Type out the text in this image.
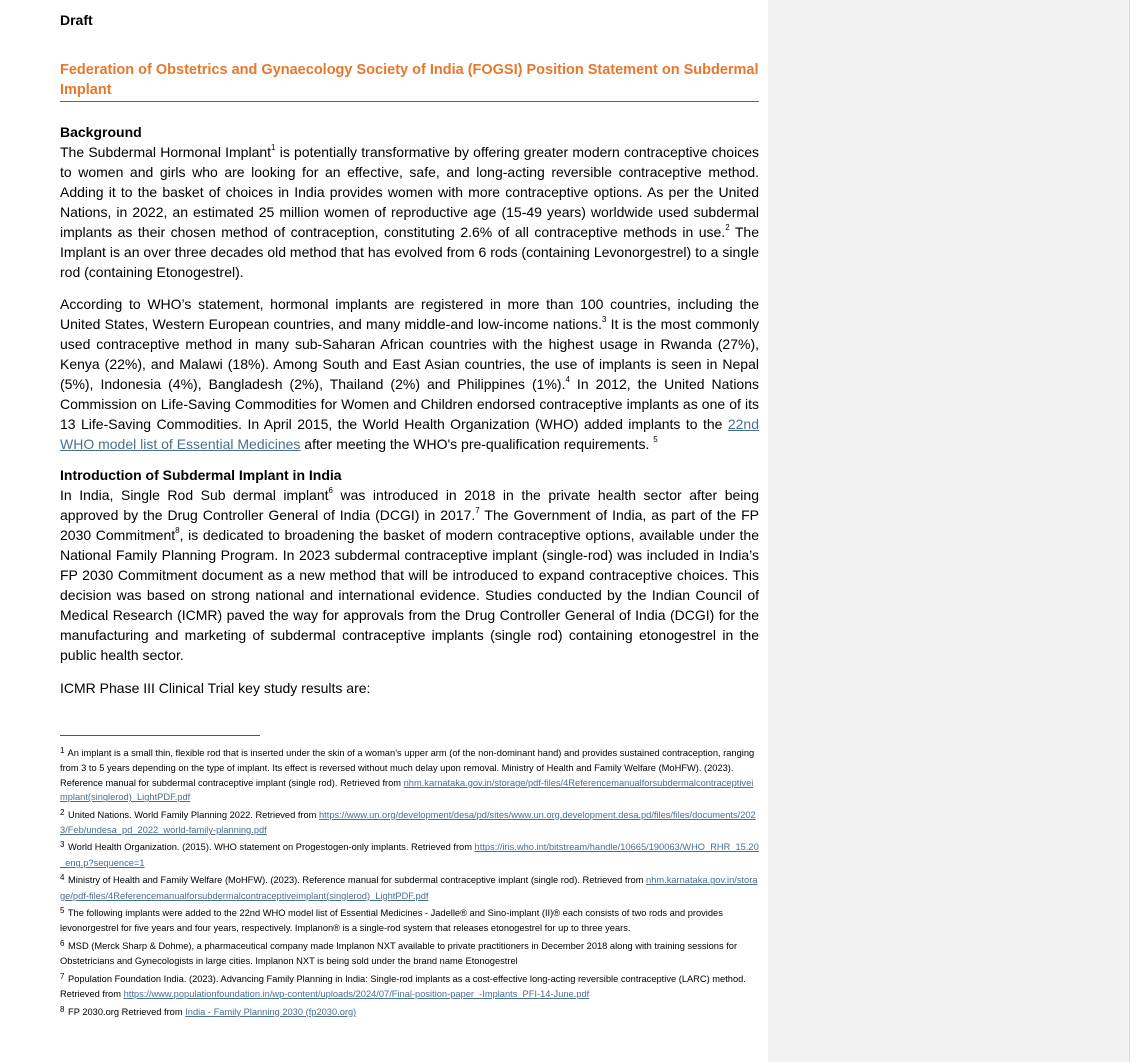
Draft
Federation of Obstetrics and Gynaecology Society of India (FOGSI) Position Statement on Subdermal Implant
Background

The Subdermal Hormonal Implant$^1$ is potentially transformative by offering greater modern contraceptive choices to women and girls who are looking for an effective, safe, and long-acting reversible contraceptive method. Adding it to the basket of choices in India provides women with more contraceptive options. As per the United Nations, in 2022, an estimated 25 million women of reproductive age (15-49 years) worldwide used subdermal implants as their chosen method of contraception, constituting 2.6% of all contraceptive methods in use.$^2$ The Implant is an over three decades old method that has evolved from 6 rods (containing Levonorgestrel) to a single rod (containing Etonogestrel).

According to WHO’s statement, hormonal implants are registered in more than 100 countries, including the United States, Western European countries, and many middle-and low-income nations.$^3$ It is the most commonly used contraceptive method in many sub-Saharan African countries with the highest usage in Rwanda (27%), Kenya (22%), and Malawi (18%). Among South and East Asian countries, the use of implants is seen in Nepal (5%), Indonesia (4%), Bangladesh (2%), Thailand (2%) and Philippines (1%).$^4$ In 2012, the United Nations Commission on Life-Saving Commodities for Women and Children endorsed contraceptive implants as one of its 13 Life-Saving Commodities. In April 2015, the World Health Organization (WHO) added implants to the 22nd WHO model list of Essential Medicines after meeting the WHO's pre-qualification requirements. $^5$

Introduction of Subdermal Implant in India

In India, Single Rod Sub dermal implant$^6$ was introduced in 2018 in the private health sector after being approved by the Drug Controller General of India (DCGI) in 2017.$^7$ The Government of India, as part of the FP 2030 Commitment$^8$, is dedicated to broadening the basket of modern contraceptive options, available under the National Family Planning Program. In 2023 subdermal contraceptive implant (single-rod) was included in India’s FP 2030 Commitment document as a new method that will be introduced to expand contraceptive choices. This decision was based on strong national and international evidence. Studies conducted by the Indian Council of Medical Research (ICMR) paved the way for approvals from the Drug Controller General of India (DCGI) for the manufacturing and marketing of subdermal contraceptive implants (single rod) containing etonogestrel in the public health sector.

ICMR Phase III Clinical Trial key study results are:

1 An implant is a small thin, flexible rod that is inserted under the skin of a woman’s upper arm (of the non-dominant hand) and provides sustained contraception, ranging from 3 to 5 years depending on the type of implant. Its effect is reversed without much delay upon removal. Ministry of Health and Family Welfare (MoHFW). (2023). Reference manual for subdermal contraceptive implant (single rod). Retrieved from nhm.karnataka.gov.in/storage/pdf-files/4Referencemanualforsubdermalcontraceptiveimplant(singlerod)_LightPDF.pdf
2 United Nations. World Family Planning 2022. Retrieved from https://www.un.org/development/desa/pd/sites/www.un.org.development.desa.pd/files/files/documents/2023/Feb/undesa_pd_2022_world-family-planning.pdf
3 World Health Organization. (2015). WHO statement on Progestogen-only implants. Retrieved from https://iris.who.int/bitstream/handle/10665/190063/WHO_RHR_15.20_eng.p?sequence=1
4 Ministry of Health and Family Welfare (MoHFW). (2023). Reference manual for subdermal contraceptive implant (single rod). Retrieved from nhm.karnataka.gov.in/storage/pdf-files/4Referencemanualforsubdermalcontraceptiveimplant(singlerod)_LightPDF.pdf
5 The following implants were added to the 22nd WHO model list of Essential Medicines - Jadelle® and Sino-implant (II)® each consists of two rods and provides levonorgestrel for five years and four years, respectively. Implanon® is a single-rod system that releases etonogestrel for up to three years.
6 MSD (Merck Sharp & Dohme), a pharmaceutical company made Implanon NXT available to private practitioners in December 2018 along with training sessions for Obstetricians and Gynecologists in large cities. Implanon NXT is being sold under the brand name Etonogestrel
7 Population Foundation India. (2023). Advancing Family Planning in India: Single-rod implants as a cost-effective long-acting reversible contraceptive (LARC) method. Retrieved from https://www.populationfoundation.in/wp-content/uploads/2024/07/Final-position-paper_-Implants_PFI-14-June.pdf
8 FP 2030.org Retrieved from India - Family Planning 2030 (fp2030.org)
